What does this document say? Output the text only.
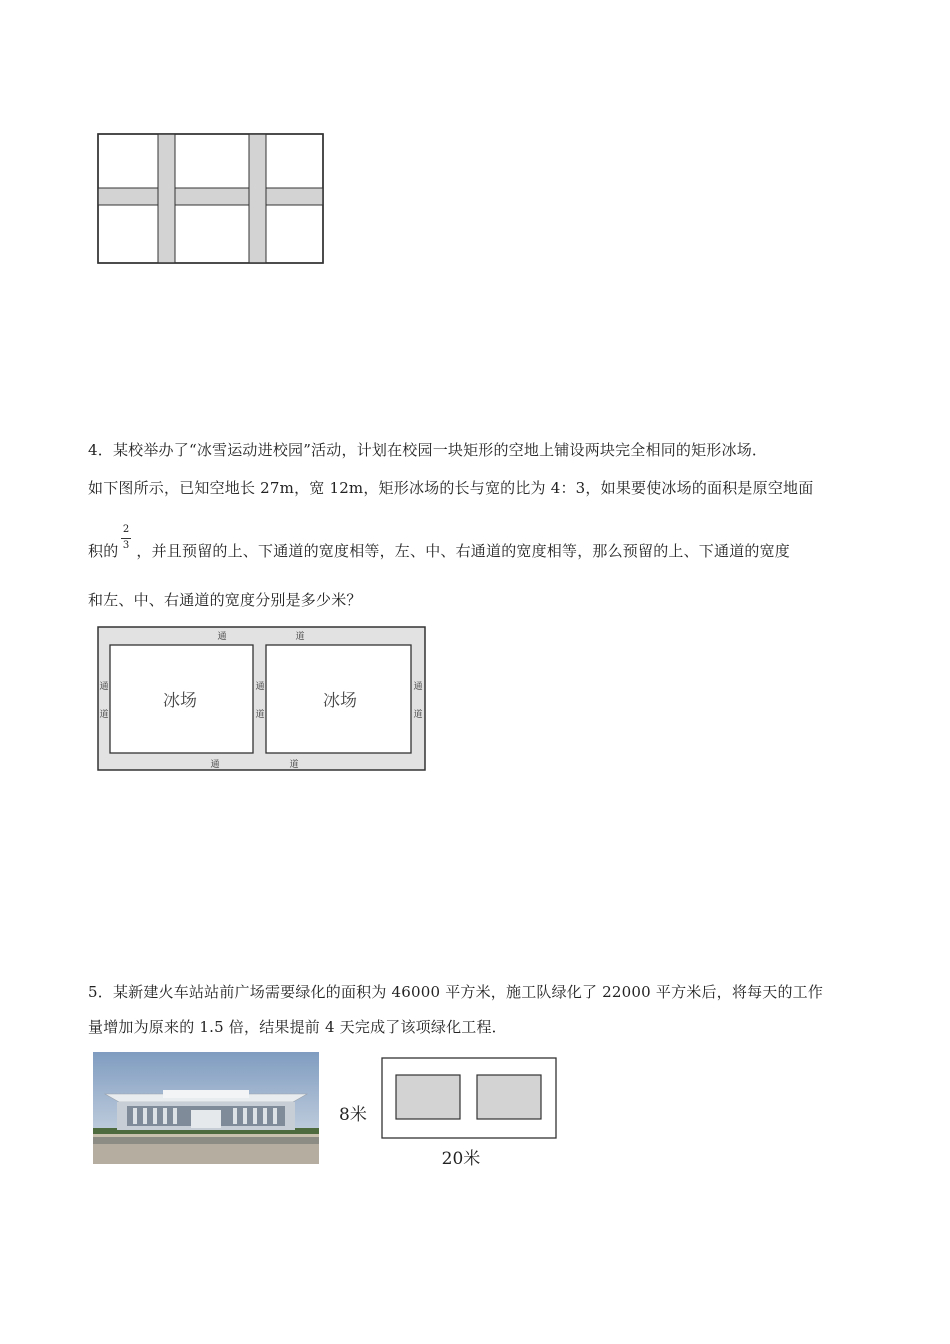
4．某校举办了“冰雪运动进校园”活动，计划在校园一块矩形的空地上铺设两块完全相同的矩形冰场．
如下图所示，已知空地长 27m，宽 12m，矩形冰场的长与宽的比为 4：3，如果要使冰场的面积是原空地面
积的 ，并且预留的上、下通道的宽度相等，左、中、右通道的宽度相等，那么预留的上、下通道的宽度
2
3
和左、中、右通道的宽度分别是多少米？
冰场	冰场
通	道
通	道
通
道
通
道
通
道
5．某新建火车站站前广场需要绿化的面积为 46000 平方米，施工队绿化了 22000 平方米后，将每天的工作
量增加为原来的 1.5 倍，结果提前 4 天完成了该项绿化工程．
8米
20米
